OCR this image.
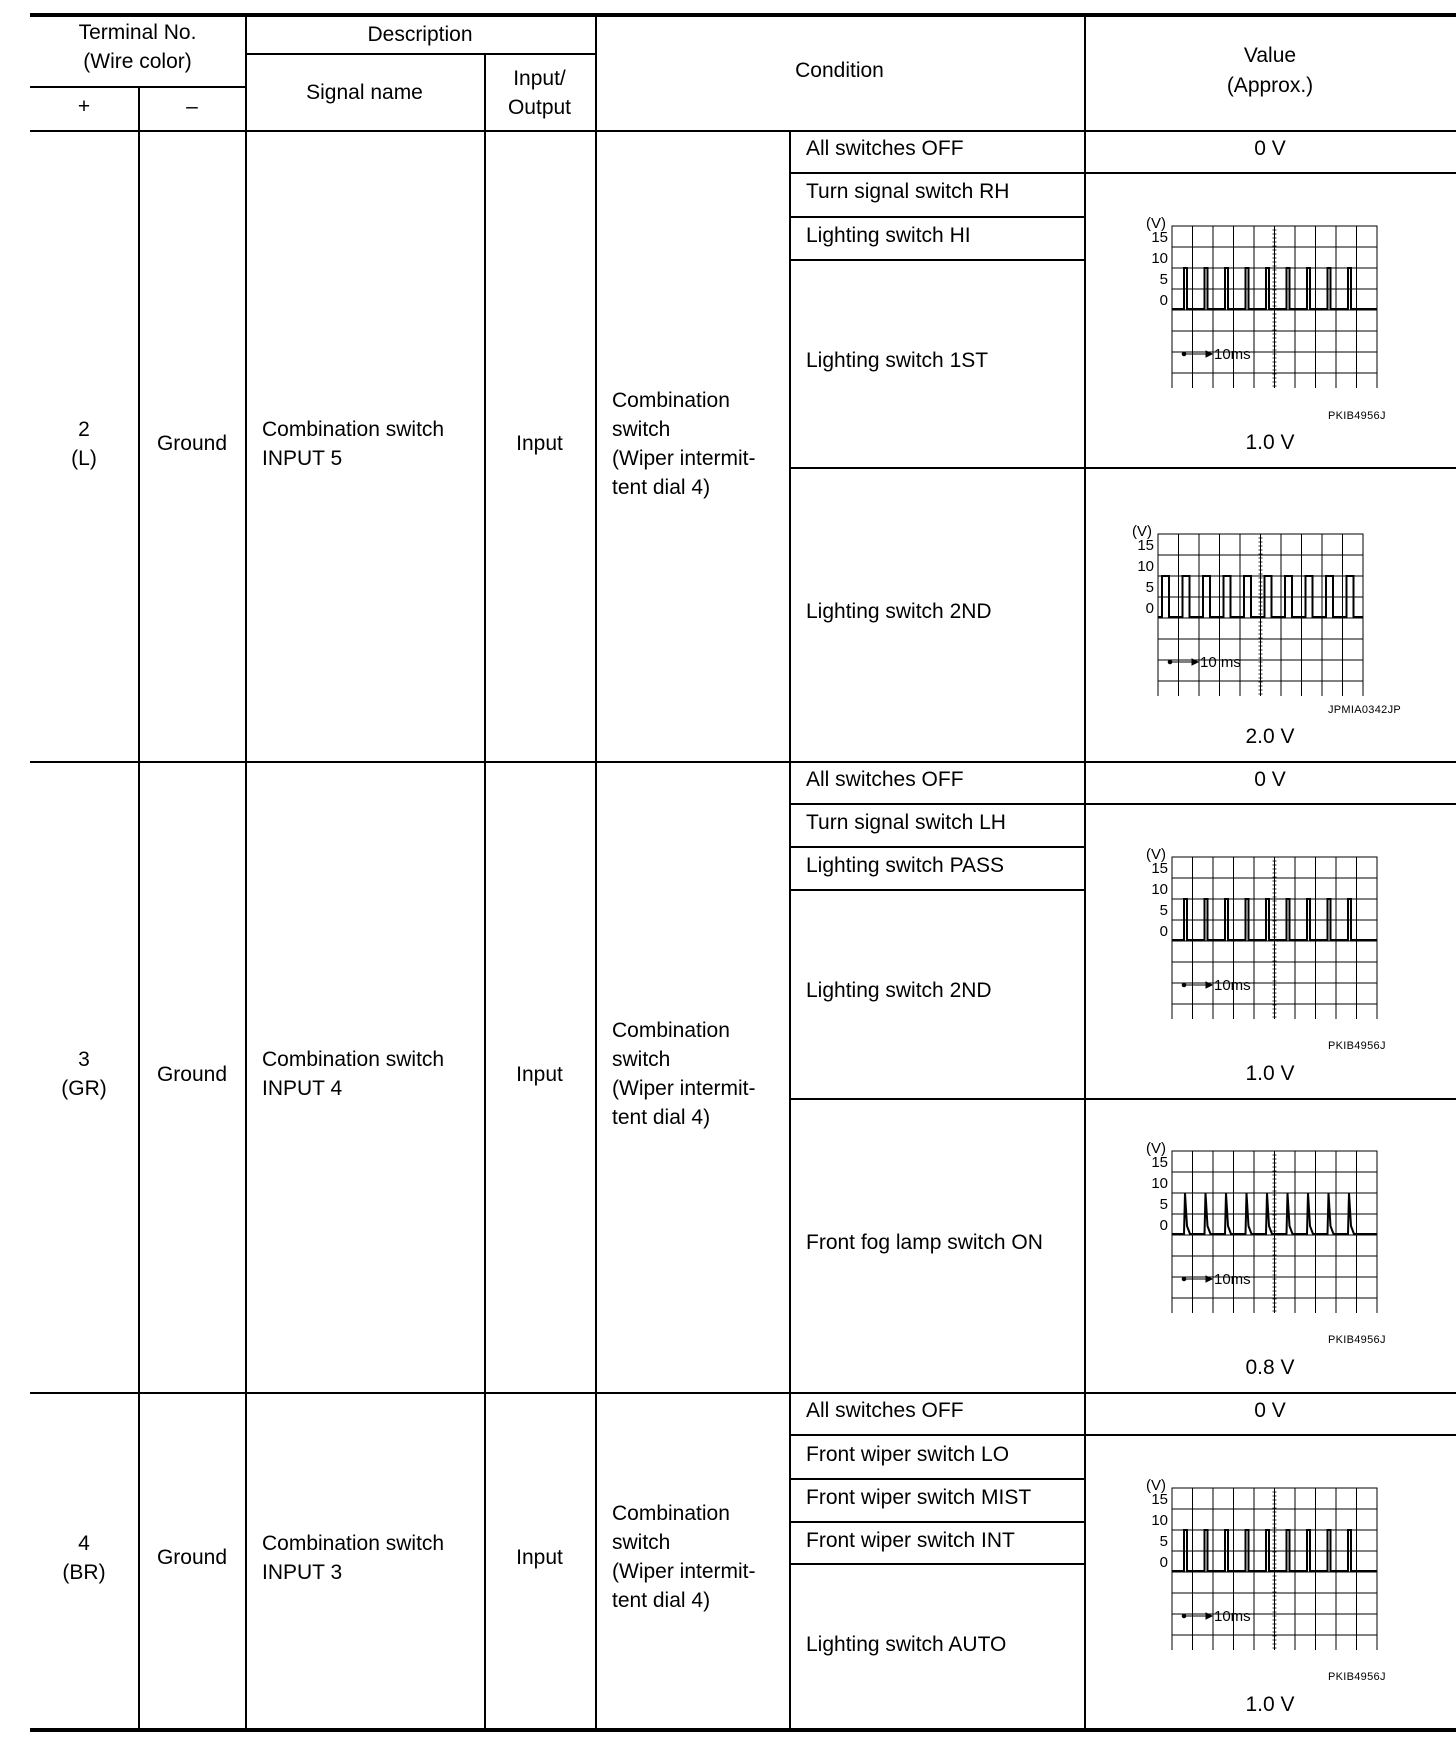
Terminal No.
(Wire color)
+	–
Description
Signal name
Input/
Output
Condition
Value
(Approx.)
2
(L)
Ground
Combination switch
INPUT 5
Input
Combination
switch
(Wiper intermit-
tent dial 4)
All switches OFF
Turn signal switch RH
Lighting switch HI
Lighting switch 1ST
Lighting switch 2ND
0 V
1.0 V
2.0 V
(V)
15
10
5
0
10ms
PKIB4956J
(V)
15
10
5
0
10 ms
JPMIA0342JP
3
(GR)
Ground
Combination switch
INPUT 4
Input
Combination
switch
(Wiper intermit-
tent dial 4)
All switches OFF
Turn signal switch LH
Lighting switch PASS
Lighting switch 2ND
Front fog lamp switch ON
0 V
1.0 V
0.8 V
(V)
15
10
5
0
10ms
PKIB4956J
(V)
15
10
5
0
10ms
PKIB4956J
4
(BR)
Ground
Combination switch
INPUT 3
Input
Combination
switch
(Wiper intermit-
tent dial 4)
All switches OFF
Front wiper switch LO
Front wiper switch MIST
Front wiper switch INT
Lighting switch AUTO
0 V
1.0 V
(V)
15
10
5
0
10ms
PKIB4956J
